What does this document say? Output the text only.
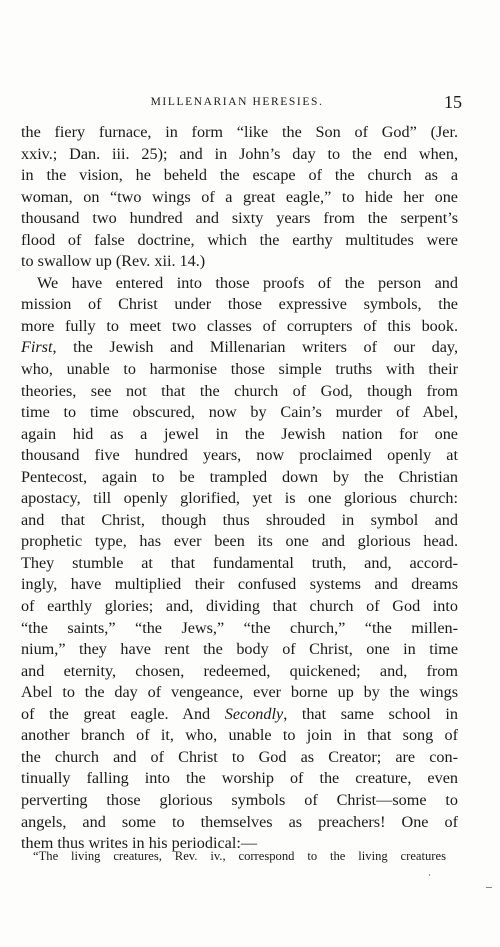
MILLENARIAN HERESIES.	15
the fiery furnace, in form “like the Son of God” (Jer.
xxiv.; Dan. iii. 25); and in John’s day to the end when,
in the vision, he beheld the escape of the church as a
woman, on “two wings of a great eagle,” to hide her one
thousand two hundred and sixty years from the serpent’s
flood of false doctrine, which the earthy multitudes were
to swallow up (Rev. xii. 14.)
We have entered into those proofs of the person and
mission of Christ under those expressive symbols, the
more fully to meet two classes of corrupters of this book.
First, the Jewish and Millenarian writers of our day,
who, unable to harmonise those simple truths with their
theories, see not that the church of God, though from
time to time obscured, now by Cain’s murder of Abel,
again hid as a jewel in the Jewish nation for one
thousand five hundred years, now proclaimed openly at
Pentecost, again to be trampled down by the Christian
apostacy, till openly glorified, yet is one glorious church:
and that Christ, though thus shrouded in symbol and
prophetic type, has ever been its one and glorious head.
They stumble at that fundamental truth, and, accord-
ingly, have multiplied their confused systems and dreams
of earthly glories; and, dividing that church of God into
“the saints,” “the Jews,” “the church,” “the millen-
nium,” they have rent the body of Christ, one in time
and eternity, chosen, redeemed, quickened; and, from
Abel to the day of vengeance, ever borne up by the wings
of the great eagle. And Secondly, that same school in
another branch of it, who, unable to join in that song of
the church and of Christ to God as Creator; are con-
tinually falling into the worship of the creature, even
perverting those glorious symbols of Christ—some to
angels, and some to themselves as preachers! One of
them thus writes in his periodical:—
“The living creatures, Rev. iv., correspond to the living creatures
–
·
